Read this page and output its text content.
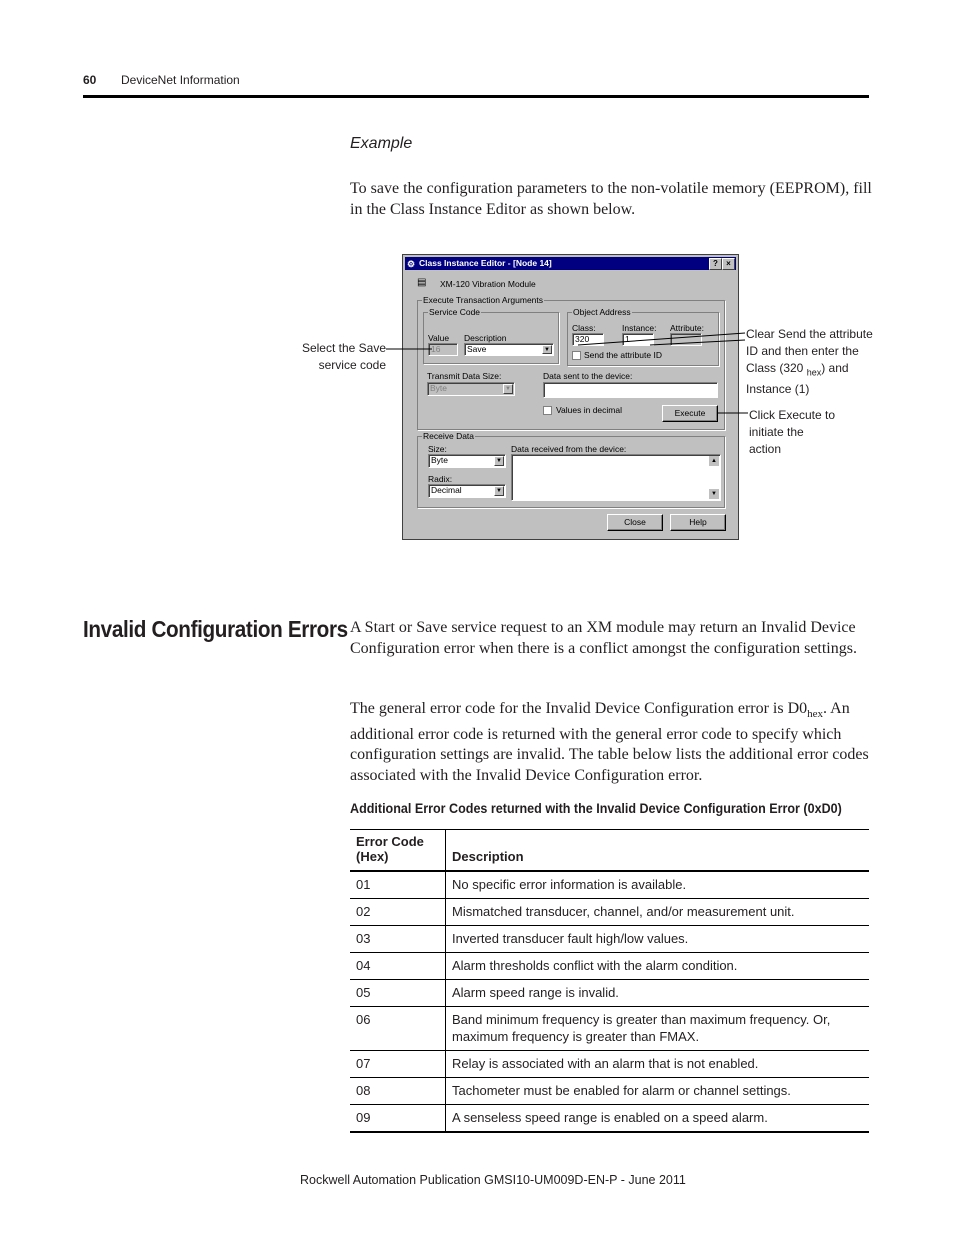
60 DeviceNet Information
Example
To save the configuration parameters to the non-volatile memory (EEPROM), fill in the Class Instance Editor as shown below.
⚙ Class Instance Editor - [Node 14]	?	×
▤ XM-120 Vibration Module
Execute Transaction Arguments
Service Code
Value
16
Description
Save	▼
Object Address
Class:
320
Instance:
1
Attribute:
Send the attribute ID
Transmit Data Size:
Byte	▼
Data sent to the device:
Values in decimal	Execute
Receive Data
Size:
Byte	▼
Radix:
Decimal	▼
Data received from the device:
▲
▼
Close	Help
Select the Save
service code
Clear Send the attribute
ID and then enter the
Class (320 $_{hex}$) and
Instance (1)
Click Execute to
initiate the
action
Invalid Configuration Errors A Start or Save service request to an XM module may return an Invalid Device Configuration error when there is a conflict amongst the configuration settings.
The general error code for the Invalid Device Configuration error is $D0_{hex}$. An additional error code is returned with the general error code to specify which configuration settings are invalid. The table below lists the additional error codes associated with the Invalid Device Configuration error.
Additional Error Codes returned with the Invalid Device Configuration Error (0xD0)
Error Code (Hex)	Description
01	No specific error information is available.
02	Mismatched transducer, channel, and/or measurement unit.
03	Inverted transducer fault high/low values.
04	Alarm thresholds conflict with the alarm condition.
05	Alarm speed range is invalid.
06	Band minimum frequency is greater than maximum frequency. Or, maximum frequency is greater than FMAX.
07	Relay is associated with an alarm that is not enabled.
08	Tachometer must be enabled for alarm or channel settings.
09	A senseless speed range is enabled on a speed alarm.
Rockwell Automation Publication GMSI10-UM009D-EN-P - June 2011
